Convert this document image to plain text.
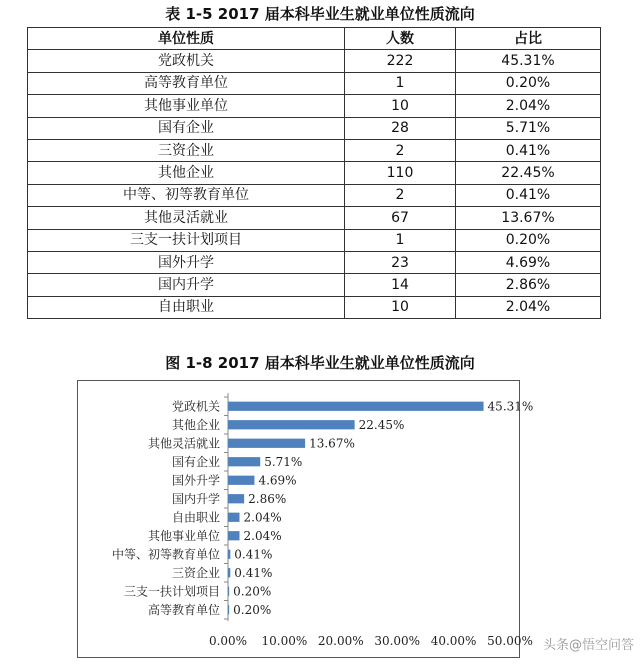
表 1-5 2017 届本科毕业生就业单位性质流向
单位性质	人数	占比
党政机关	222	45.31%
高等教育单位	1	0.20%
其他事业单位	10	2.04%
国有企业	28	5.71%
三资企业	2	0.41%
其他企业	110	22.45%
中等、初等教育单位	2	0.41%
其他灵活就业	67	13.67%
三支一扶计划项目	1	0.20%
国外升学	23	4.69%
国内升学	14	2.86%
自由职业	10	2.04%
图 1-8 2017 届本科毕业生就业单位性质流向
党政机关	45.31%
其他企业	22.45%
其他灵活就业	13.67%
国有企业	5.71%
国外升学	4.69%
国内升学 2.86%
自由职业 2.04%
其他事业单位 2.04%
中等、初等教育单位 0.41%
三资企业 0.41%
三支一扶计划项目 0.20%
高等教育单位 0.20%
0.00% 10.00% 20.00% 30.00% 40.00% 50.00% 头条@悟空问答
